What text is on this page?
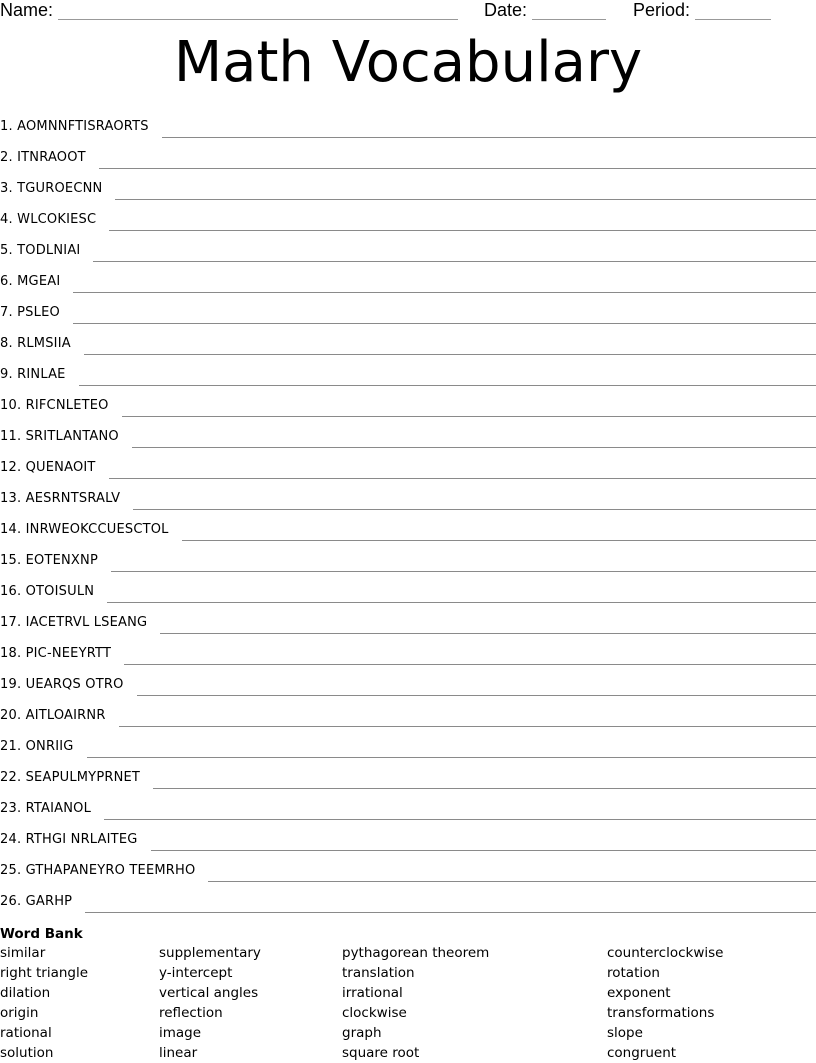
Name:	Date:	Period:
Math Vocabulary
1. AOMNNFTISRAORTS
2. ITNRAOOT
3. TGUROECNN
4. WLCOKIESC
5. TODLNIAI
6. MGEAI
7. PSLEO
8. RLMSIIA
9. RINLAE
10. RIFCNLETEO
11. SRITLANTANO
12. QUENAOIT
13. AESRNTSRALV
14. INRWEOKCCUESCTOL
15. EOTENXNP
16. OTOISULN
17. IACETRVL LSEANG
18. PIC-NEEYRTT
19. UEARQS OTRO
20. AITLOAIRNR
21. ONRIIG
22. SEAPULMYPRNET
23. RTAIANOL
24. RTHGI NRLAITEG
25. GTHAPANEYRO TEEMRHO
26. GARHP
Word Bank
similar
right triangle
dilation
origin
rational
solution
supplementary
y-intercept
vertical angles
reflection
image
linear
pythagorean theorem
translation
irrational
clockwise
graph
square root
counterclockwise
rotation
exponent
transformations
slope
congruent
